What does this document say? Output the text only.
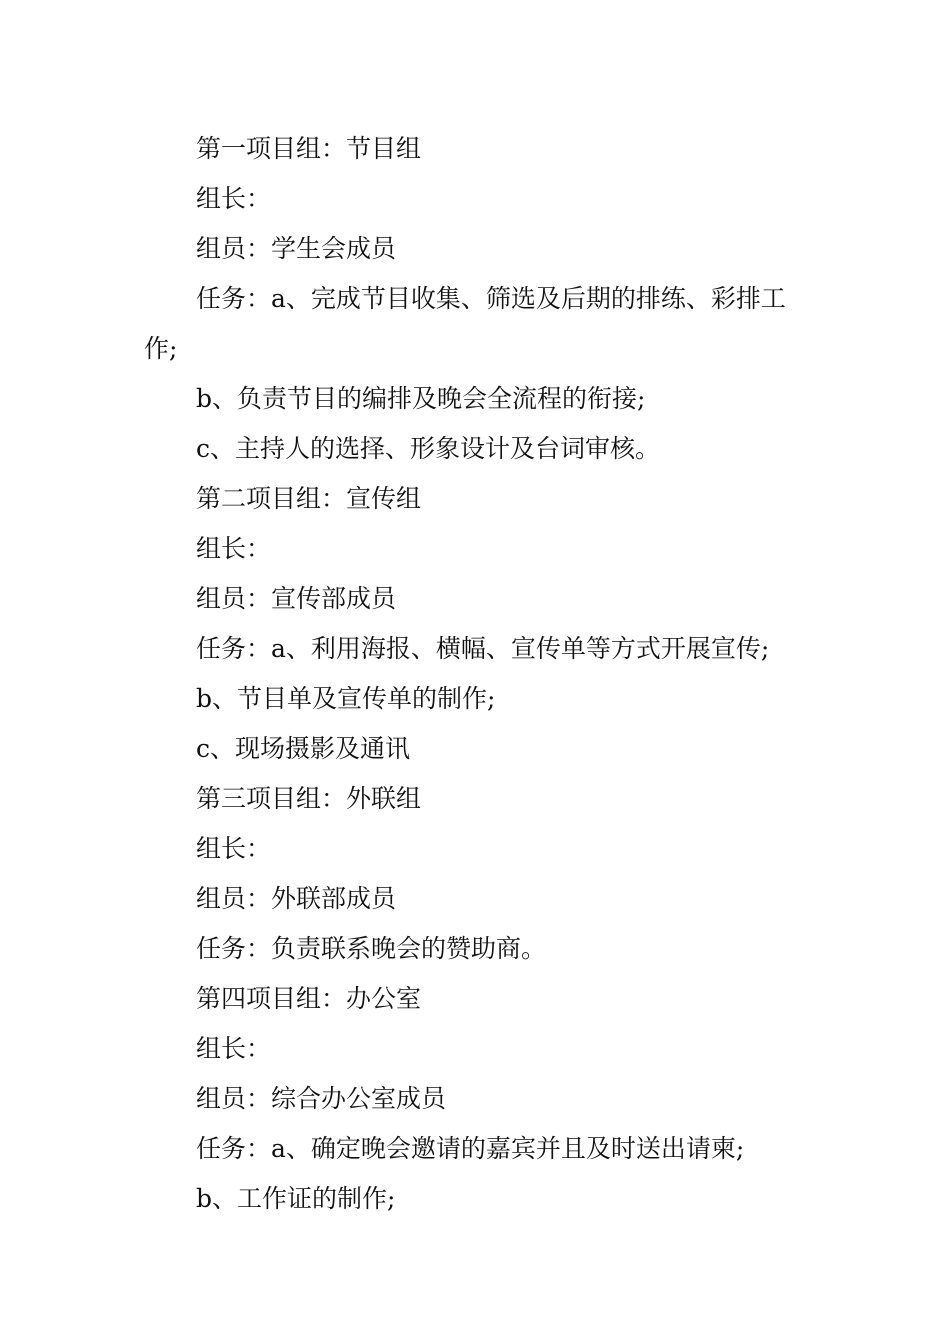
第一项目组：节目组

组长：

组员：学生会成员

任务：a、完成节目收集、筛选及后期的排练、彩排工作;

b、负责节目的编排及晚会全流程的衔接;

c、主持人的选择、形象设计及台词审核。

第二项目组：宣传组

组长：

组员：宣传部成员

任务：a、利用海报、横幅、宣传单等方式开展宣传;

b、节目单及宣传单的制作;

c、现场摄影及通讯

第三项目组：外联组

组长：

组员：外联部成员

任务：负责联系晚会的赞助商。

第四项目组：办公室

组长：

组员：综合办公室成员

任务：a、确定晚会邀请的嘉宾并且及时送出请柬;

b、工作证的制作;
